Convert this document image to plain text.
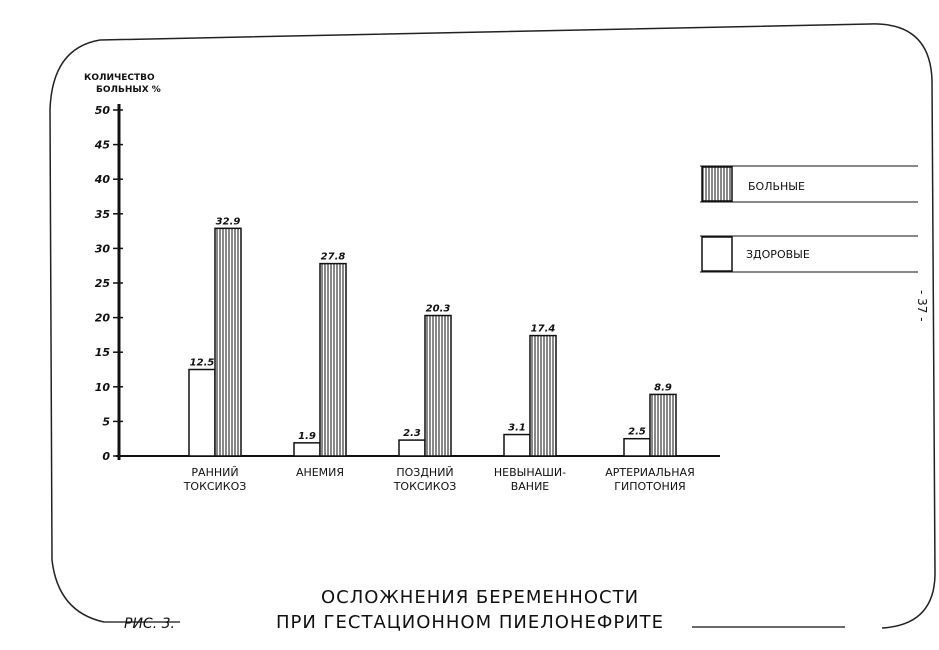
КОЛИЧЕСТВО
БОЛЬНЫХ %
0
5
10
15
20
25
30
35
40
45
50
12.5
32.9
1.9
27.8
2.3
20.3
3.1
17.4
2.5
8.9
РАННИЙ
ТОКСИКОЗ
АНЕМИЯ	ПОЗДНИЙ
ТОКСИКОЗ
НЕВЫНАШИ-
ВАНИЕ
АРТЕРИАЛЬНАЯ
ГИПОТОНИЯ
БОЛЬНЫЕ
ЗДОРОВЫЕ
- 37 -
ОСЛОЖНЕНИЯ БЕРЕМЕННОСТИ
ПРИ ГЕСТАЦИОННОМ ПИЕЛОНЕФРИТЕ
РИС. 3.
